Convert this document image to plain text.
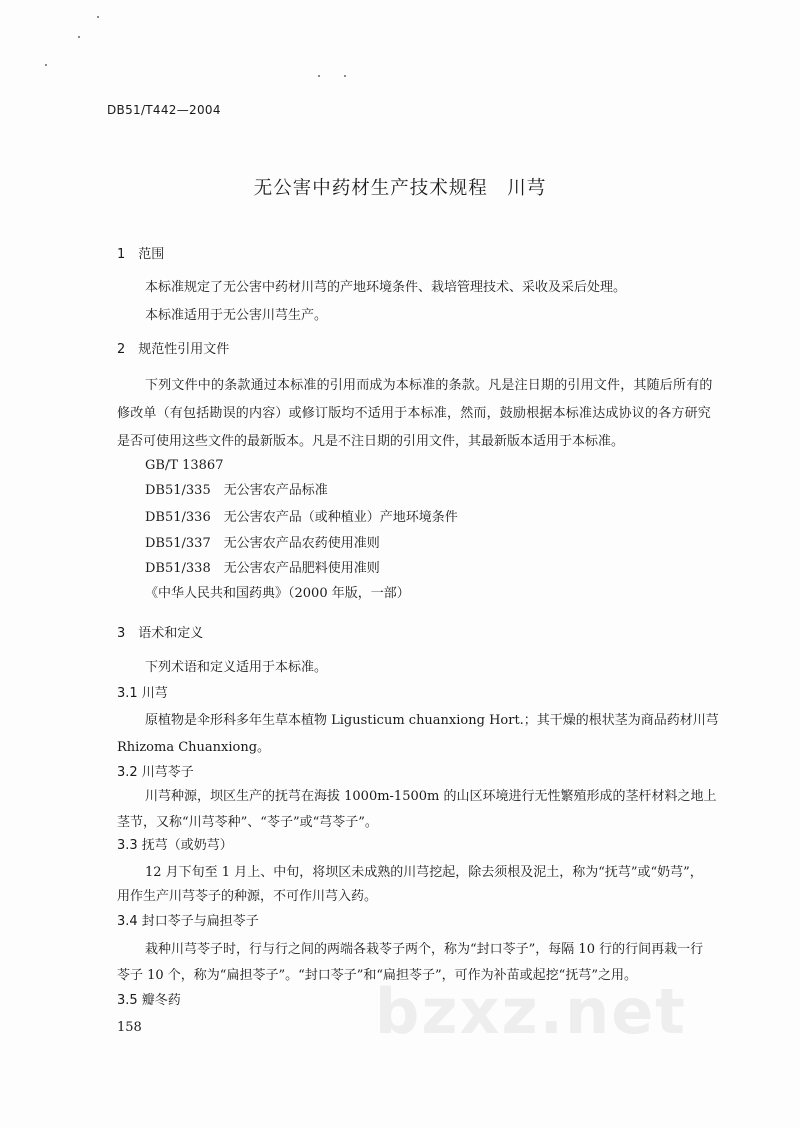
DB51/T442—2004
无公害中药材生产技术规程　川芎
1　范围
本标准规定了无公害中药材川芎的产地环境条件、栽培管理技术、采收及采后处理。
本标准适用于无公害川芎生产。
2　规范性引用文件
下列文件中的条款通过本标准的引用而成为本标准的条款。凡是注日期的引用文件，其随后所有的
修改单（有包括勘误的内容）或修订版均不适用于本标准，然而，鼓励根据本标准达成协议的各方研究
是否可使用这些文件的最新版本。凡是不注日期的引用文件，其最新版本适用于本标准。
GB/T 13867
DB51/335　无公害农产品标准
DB51/336　无公害农产品（或种植业）产地环境条件
DB51/337　无公害农产品农药使用准则
DB51/338　无公害农产品肥料使用准则
《中华人民共和国药典》（2000 年版，一部）
3　语术和定义
下列术语和定义适用于本标准。
3.1 川芎
原植物是伞形科多年生草本植物 Ligusticum chuanxiong Hort.；其干燥的根状茎为商品药材川芎
Rhizoma Chuanxiong。
3.2 川芎苓子
川芎种源，坝区生产的抚芎在海拔 1000m-1500m 的山区环境进行无性繁殖形成的茎杆材料之地上
茎节，又称“川芎苓种”、“苓子”或“芎苓子”。
3.3 抚芎（或奶芎）
12 月下旬至 1 月上、中旬，将坝区未成熟的川芎挖起，除去须根及泥土，称为“抚芎”或“奶芎”，
用作生产川芎苓子的种源，不可作川芎入药。
3.4 封口苓子与扁担苓子
栽种川芎苓子时，行与行之间的两端各栽苓子两个，称为“封口苓子”，每隔 10 行的行间再栽一行
苓子 10 个，称为“扁担苓子”。“封口苓子”和“扁担苓子”，可作为补苗或起挖“抚芎”之用。
3.5 瓣冬药	bzxz.net
158
